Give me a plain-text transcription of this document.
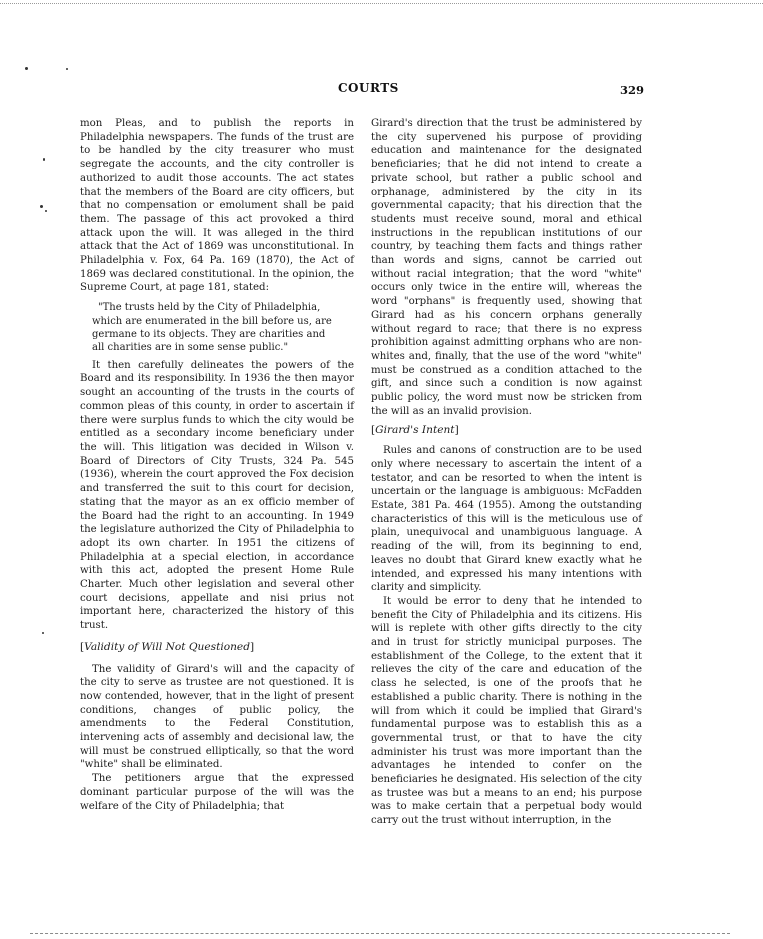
COURTS	329

mon Pleas, and to publish the reports in Philadelphia newspapers. The funds of the trust are to be handled by the city treasurer who must segregate the accounts, and the city controller is authorized to audit those accounts. The act states that the members of the Board are city officers, but that no compensation or emolument shall be paid them. The passage of this act provoked a third attack upon the will. It was alleged in the third attack that the Act of 1869 was unconstitutional. In Philadelphia v. Fox, 64 Pa. 169 (1870), the Act of 1869 was declared constitutional. In the opinion, the Supreme Court, at page 181, stated:

"The trusts held by the City of Philadelphia, which are enumerated in the bill before us, are germane to its objects. They are charities and all charities are in some sense public."

It then carefully delineates the powers of the Board and its responsibility. In 1936 the then mayor sought an accounting of the trusts in the courts of common pleas of this county, in order to ascertain if there were surplus funds to which the city would be entitled as a secondary income beneficiary under the will. This litigation was decided in Wilson v. Board of Directors of City Trusts, 324 Pa. 545 (1936), wherein the court approved the Fox decision and transferred the suit to this court for decision, stating that the mayor as an ex officio member of the Board had the right to an accounting. In 1949 the legislature authorized the City of Philadelphia to adopt its own charter. In 1951 the citizens of Philadelphia at a special election, in accordance with this act, adopted the present Home Rule Charter. Much other legislation and several other court decisions, appellate and nisi prius not important here, characterized the history of this trust.

[Validity of Will Not Questioned]

The validity of Girard's will and the capacity of the city to serve as trustee are not questioned. It is now contended, however, that in the light of present conditions, changes of public policy, the amendments to the Federal Constitution, intervening acts of assembly and decisional law, the will must be construed elliptically, so that the word "white" shall be eliminated.

The petitioners argue that the expressed dominant particular purpose of the will was the welfare of the City of Philadelphia; that

Girard's direction that the trust be administered by the city supervened his purpose of providing education and maintenance for the designated beneficiaries; that he did not intend to create a private school, but rather a public school and orphanage, administered by the city in its governmental capacity; that his direction that the students must receive sound, moral and ethical instructions in the republican institutions of our country, by teaching them facts and things rather than words and signs, cannot be carried out without racial integration; that the word "white" occurs only twice in the entire will, whereas the word "orphans" is frequently used, showing that Girard had as his concern orphans generally without regard to race; that there is no express prohibition against admitting orphans who are non-whites and, finally, that the use of the word "white" must be construed as a condition attached to the gift, and since such a condition is now against public policy, the word must now be stricken from the will as an invalid provision.

[Girard's Intent]

Rules and canons of construction are to be used only where necessary to ascertain the intent of a testator, and can be resorted to when the intent is uncertain or the language is ambiguous: McFadden Estate, 381 Pa. 464 (1955). Among the outstanding characteristics of this will is the meticulous use of plain, unequivocal and unambiguous language. A reading of the will, from its beginning to end, leaves no doubt that Girard knew exactly what he intended, and expressed his many intentions with clarity and simplicity.

It would be error to deny that he intended to benefit the City of Philadelphia and its citizens. His will is replete with other gifts directly to the city and in trust for strictly municipal purposes. The establishment of the College, to the extent that it relieves the city of the care and education of the class he selected, is one of the proofs that he established a public charity. There is nothing in the will from which it could be implied that Girard's fundamental purpose was to establish this as a governmental trust, or that to have the city administer his trust was more important than the advantages he intended to confer on the beneficiaries he designated. His selection of the city as trustee was but a means to an end; his purpose was to make certain that a perpetual body would carry out the trust without interruption, in the
